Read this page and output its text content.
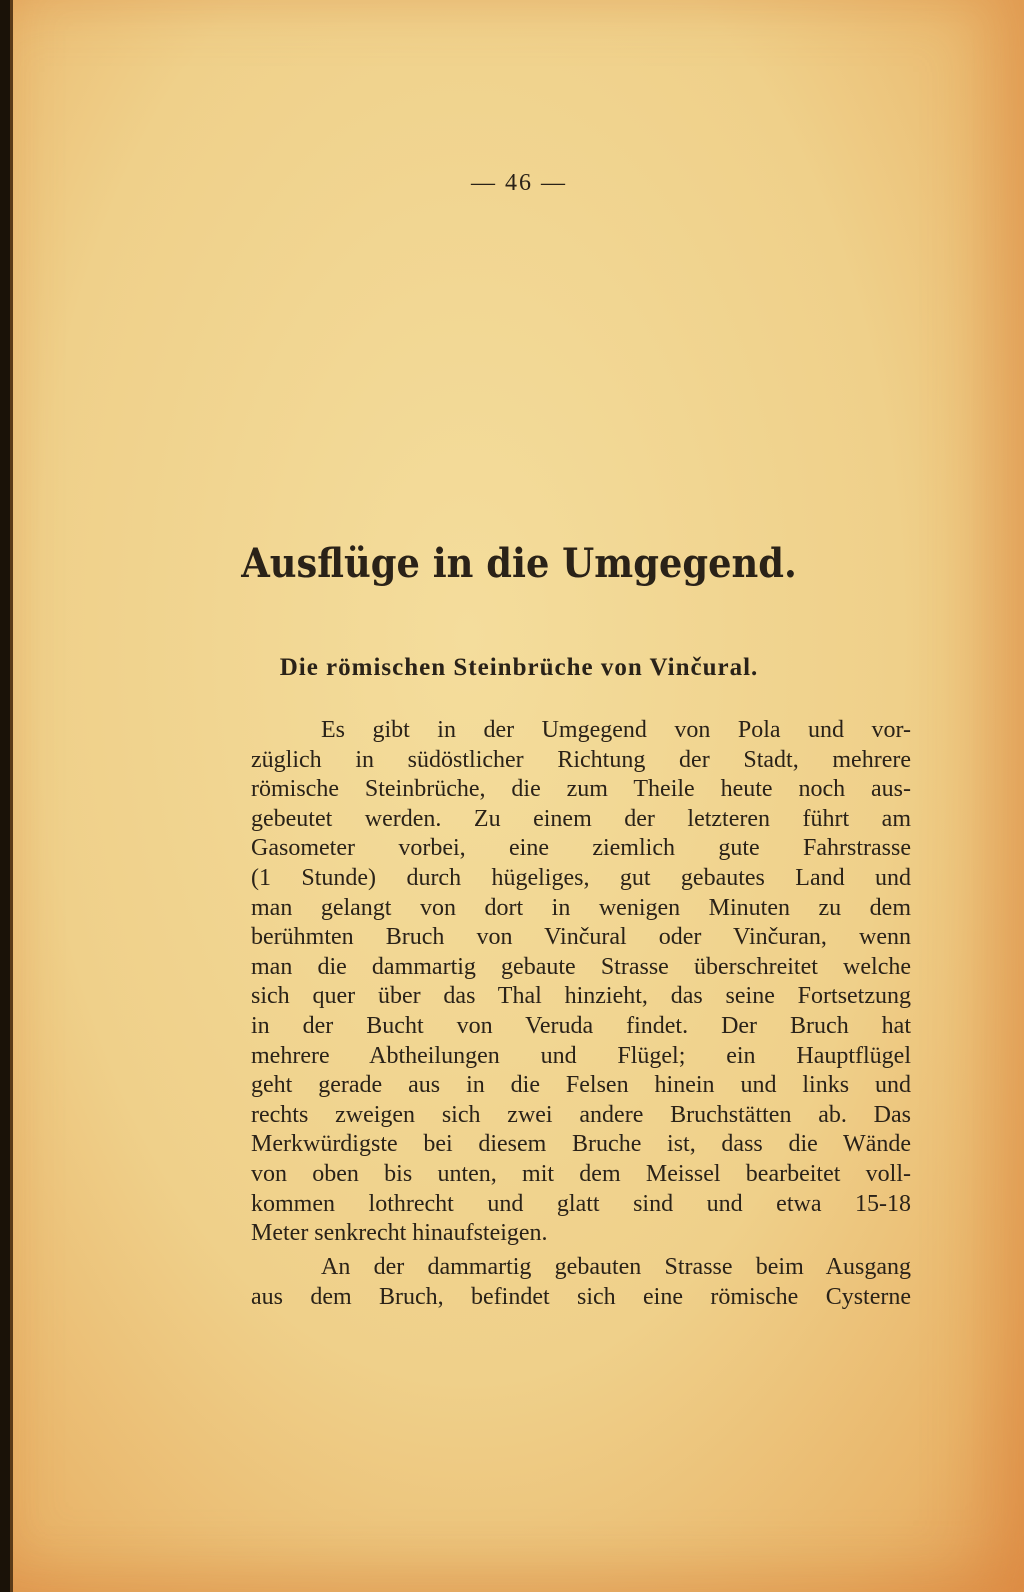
— 46 —
Ausflüge in die Umgegend.
Die römischen Steinbrüche von Vinčural.
Es gibt in der Umgegend von Pola und vor-
züglich in südöstlicher Richtung der Stadt, mehrere
römische Steinbrüche, die zum Theile heute noch aus-
gebeutet werden. Zu einem der letzteren führt am
Gasometer vorbei, eine ziemlich gute Fahrstrasse
(1 Stunde) durch hügeliges, gut gebautes Land und
man gelangt von dort in wenigen Minuten zu dem
berühmten Bruch von Vinčural oder Vinčuran, wenn
man die dammartig gebaute Strasse überschreitet welche
sich quer über das Thal hinzieht, das seine Fortsetzung
in der Bucht von Veruda findet. Der Bruch hat
mehrere Abtheilungen und Flügel; ein Hauptflügel
geht gerade aus in die Felsen hinein und links und
rechts zweigen sich zwei andere Bruchstätten ab. Das
Merkwürdigste bei diesem Bruche ist, dass die Wände
von oben bis unten, mit dem Meissel bearbeitet voll-
kommen lothrecht und glatt sind und etwa 15-18
Meter senkrecht hinaufsteigen.
An der dammartig gebauten Strasse beim Ausgang
aus dem Bruch, befindet sich eine römische Cysterne
